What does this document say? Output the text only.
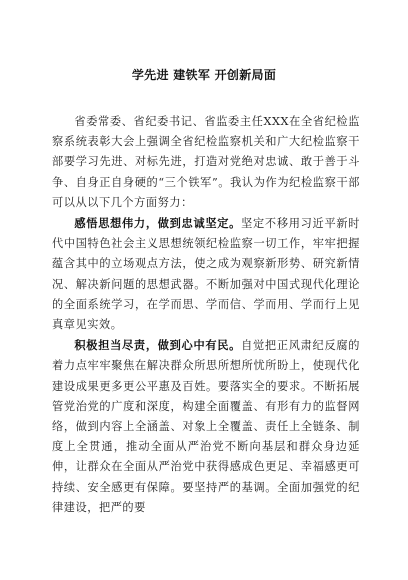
学先进 建铁军 开创新局面

省委常委、省纪委书记、省监委主任XXX在全省纪检监察系统表彰大会上强调全省纪检监察机关和广大纪检监察干部要学习先进、对标先进，打造对党绝对忠诚、敢于善于斗争、自身正自身硬的“三个铁军”。我认为作为纪检监察干部可以从以下几个方面努力：

感悟思想伟力，做到忠诚坚定。坚定不移用习近平新时代中国特色社会主义思想统领纪检监察一切工作，牢牢把握蕴含其中的立场观点方法，使之成为观察新形势、研究新情况、解决新问题的思想武器。不断加强对中国式现代化理论的全面系统学习，在学而思、学而信、学而用、学而行上见真章见实效。

积极担当尽责，做到心中有民。自觉把正风肃纪反腐的着力点牢牢聚焦在解决群众所思所想所忧所盼上，使现代化建设成果更多更公平惠及百姓。要落实全的要求。不断拓展管党治党的广度和深度，构建全面覆盖、有形有力的监督网络，做到内容上全涵盖、对象上全覆盖、责任上全链条、制度上全贯通，推动全面从严治党不断向基层和群众身边延伸，让群众在全面从严治党中获得感成色更足、幸福感更可持续、安全感更有保障。要坚持严的基调。全面加强党的纪律建设，把严的要
